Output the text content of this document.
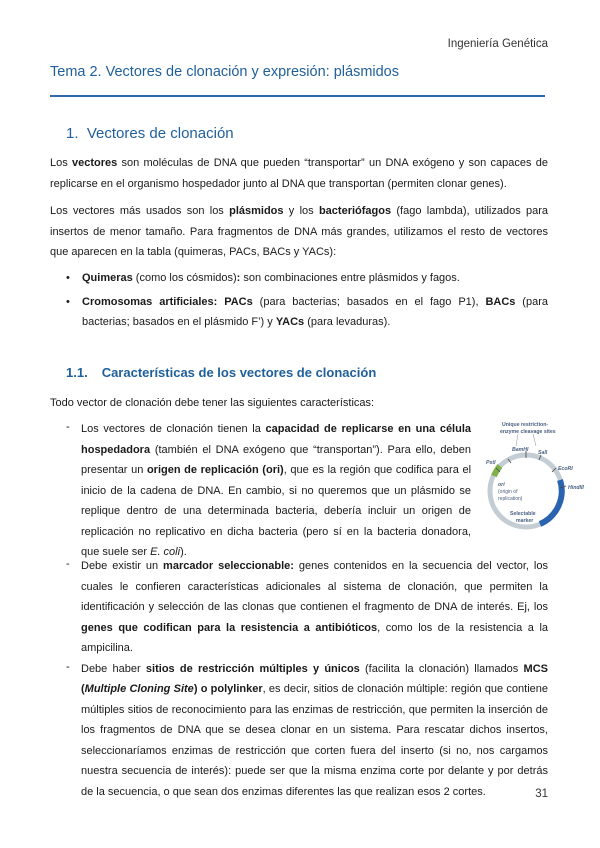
Ingeniería Genética
Tema 2. Vectores de clonación y expresión: plásmidos
1. Vectores de clonación
Los vectores son moléculas de DNA que pueden “transportar” un DNA exógeno y son capaces de replicarse en el organismo hospedador junto al DNA que transportan (permiten clonar genes).
Los vectores más usados son los plásmidos y los bacteriófagos (fago lambda), utilizados para insertos de menor tamaño. Para fragmentos de DNA más grandes, utilizamos el resto de vectores que aparecen en la tabla (quimeras, PACs, BACs y YACs):
• Quimeras (como los cósmidos): son combinaciones entre plásmidos y fagos.
• Cromosomas artificiales: PACs (para bacterias; basados en el fago P1), BACs (para bacterias; basados en el plásmido F’) y YACs (para levaduras).
1.1. Características de los vectores de clonación
Todo vector de clonación debe tener las siguientes características:
- Los vectores de clonación tienen la capacidad de replicarse en una célula hospedadora (también el DNA exógeno que “transportan”). Para ello, deben presentar un origen de replicación (ori), que es la región que codifica para el inicio de la cadena de DNA. En cambio, si no queremos que un plásmido se replique dentro de una determinada bacteria, debería incluir un origen de replicación no replicativo en dicha bacteria (pero sí en la bacteria donadora, que suele ser E. coli).
- Debe existir un marcador seleccionable: genes contenidos en la secuencia del vector, los cuales le confieren características adicionales al sistema de clonación, que permiten la identificación y selección de las clonas que contienen el fragmento de DNA de interés. Ej, los genes que codifican para la resistencia a antibióticos, como los de la resistencia a la ampicilina.
- Debe haber sitios de restricción múltiples y únicos (facilita la clonación) llamados MCS (Multiple Cloning Site) o polylinker, es decir, sitios de clonación múltiple: región que contiene múltiples sitios de reconocimiento para las enzimas de restricción, que permiten la inserción de los fragmentos de DNA que se desea clonar en un sistema. Para rescatar dichos insertos, seleccionaríamos enzimas de restricción que corten fuera del inserto (si no, nos cargamos nuestra secuencia de interés): puede ser que la misma enzima corte por delante y por detrás de la secuencia, o que sean dos enzimas diferentes las que realizan esos 2 cortes.
Unique restriction-
enzyme cleavage sites
BamHI SalI
PstI
EcoRI
HindIII
ori
(origin of
replication)
Selectable
marker
31
